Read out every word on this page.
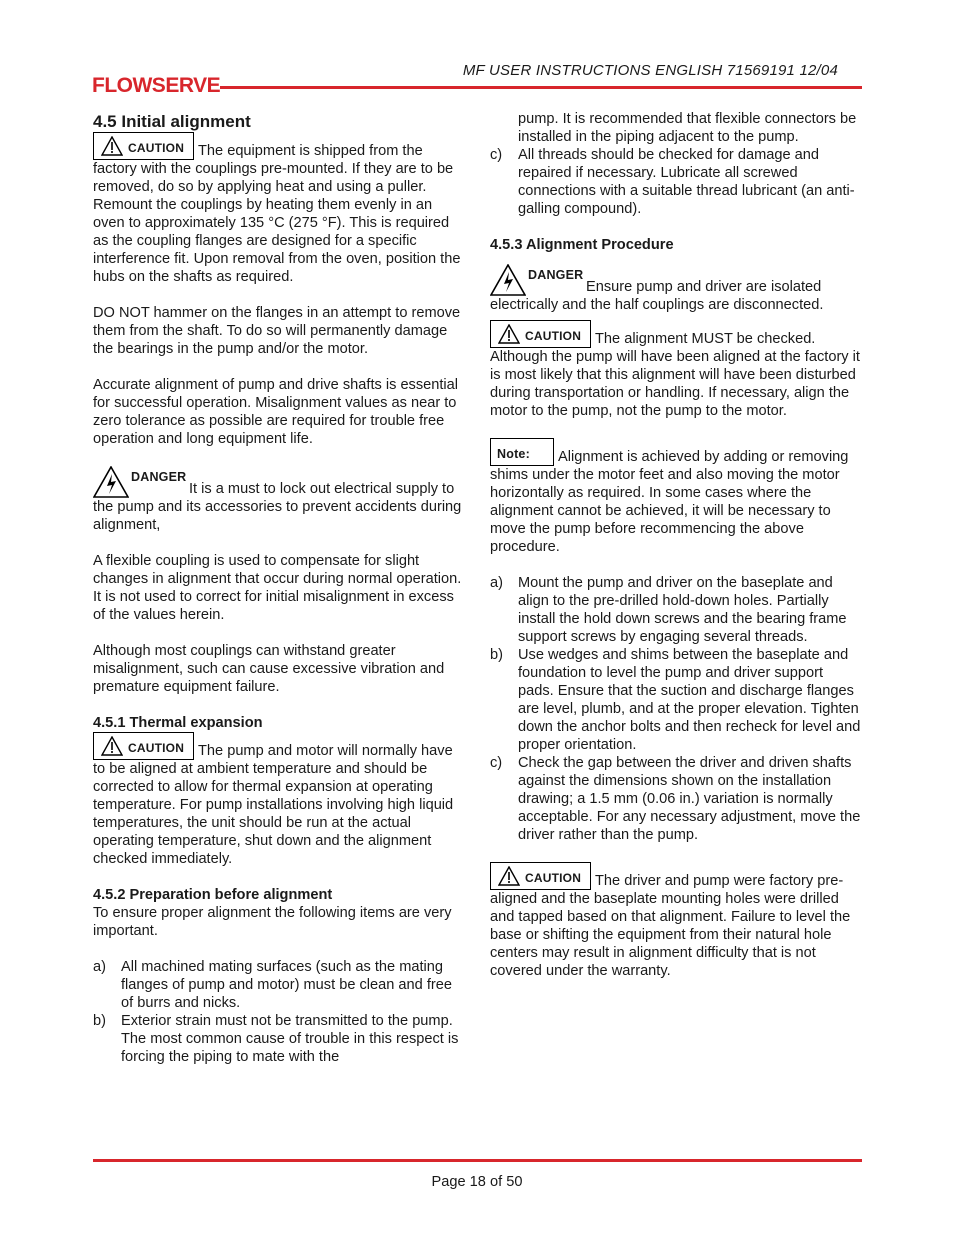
MF USER INSTRUCTIONS ENGLISH 71569191 12/04
FLOWSERVE
4.5 Initial alignment

CAUTION The equipment is shipped from the factory with the couplings pre-mounted. If they are to be removed, do so by applying heat and using a puller. Remount the couplings by heating them evenly in an oven to approximately 135 °C (275 °F). This is required as the coupling flanges are designed for a specific interference fit. Upon removal from the oven, position the hubs on the shafts as required.

DO NOT hammer on the flanges in an attempt to remove them from the shaft. To do so will permanently damage the bearings in the pump and/or the motor.

Accurate alignment of pump and drive shafts is essential for successful operation. Misalignment values as near to zero tolerance as possible are required for trouble free operation and long equipment life.

DANGER
It is a must to lock out electrical supply to the pump and its accessories to prevent accidents during alignment,

A flexible coupling is used to compensate for slight changes in alignment that occur during normal operation. It is not used to correct for initial misalignment in excess of the values herein.

Although most couplings can withstand greater misalignment, such can cause excessive vibration and premature equipment failure.

4.5.1 Thermal expansion

CAUTION The pump and motor will normally have to be aligned at ambient temperature and should be corrected to allow for thermal expansion at operating temperature. For pump installations involving high liquid temperatures, the unit should be run at the actual operating temperature, shut down and the alignment checked immediately.

4.5.2 Preparation before alignment

To ensure proper alignment the following items are very important.

a)	All machined mating surfaces (such as the mating flanges of pump and motor) must be clean and free of burrs and nicks.
b)	Exterior strain must not be transmitted to the pump. The most common cause of trouble in this respect is forcing the piping to mate with the
pump. It is recommended that flexible connectors be installed in the piping adjacent to the pump.
c)	All threads should be checked for damage and repaired if necessary. Lubricate all screwed connections with a suitable thread lubricant (an anti-galling compound).
4.5.3 Alignment Procedure

DANGER
Ensure pump and driver are isolated electrically and the half couplings are disconnected.

CAUTION The alignment MUST be checked. Although the pump will have been aligned at the factory it is most likely that this alignment will have been disturbed during transportation or handling. If necessary, align the motor to the pump, not the pump to the motor.

Note: Alignment is achieved by adding or removing shims under the motor feet and also moving the motor horizontally as required. In some cases where the alignment cannot be achieved, it will be necessary to move the pump before recommencing the above procedure.

a)	Mount the pump and driver on the baseplate and align to the pre-drilled hold-down holes. Partially install the hold down screws and the bearing frame support screws by engaging several threads.
b)	Use wedges and shims between the baseplate and foundation to level the pump and driver support pads. Ensure that the suction and discharge flanges are level, plumb, and at the proper elevation. Tighten down the anchor bolts and then recheck for level and proper orientation.
c)	Check the gap between the driver and driven shafts against the dimensions shown on the installation drawing; a 1.5 mm (0.06 in.) variation is normally acceptable. For any necessary adjustment, move the driver rather than the pump.

CAUTION The driver and pump were factory pre-aligned and the baseplate mounting holes were drilled and tapped based on that alignment. Failure to level the base or shifting the equipment from their natural hole centers may result in alignment difficulty that is not covered under the warranty.

Page 18 of 50
